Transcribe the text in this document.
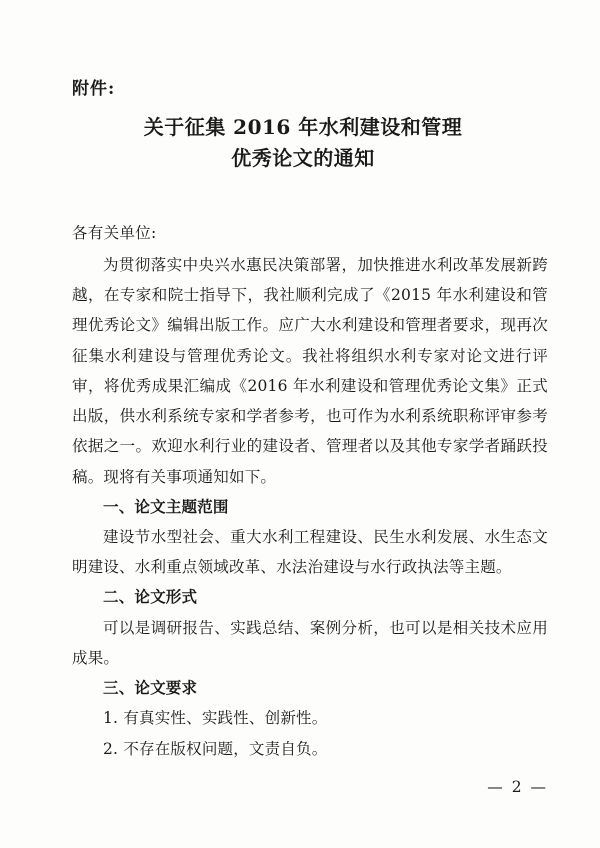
附件:
关于征集 2016 年水利建设和管理
优秀论文的通知

各有关单位:

为贯彻落实中央兴水惠民决策部署，加快推进水利改革发展新跨越，在专家和院士指导下，我社顺利完成了《2015 年水利建设和管理优秀论文》编辑出版工作。应广大水利建设和管理者要求，现再次征集水利建设与管理优秀论文。我社将组织水利专家对论文进行评审，将优秀成果汇编成《2016 年水利建设和管理优秀论文集》正式出版，供水利系统专家和学者参考，也可作为水利系统职称评审参考依据之一。欢迎水利行业的建设者、管理者以及其他专家学者踊跃投稿。现将有关事项通知如下。

一、论文主题范围

建设节水型社会、重大水利工程建设、民生水利发展、水生态文明建设、水利重点领域改革、水法治建设与水行政执法等主题。

二、论文形式

可以是调研报告、实践总结、案例分析，也可以是相关技术应用成果。

三、论文要求

1. 有真实性、实践性、创新性。

2. 不存在版权问题，文责自负。

— 2 —
